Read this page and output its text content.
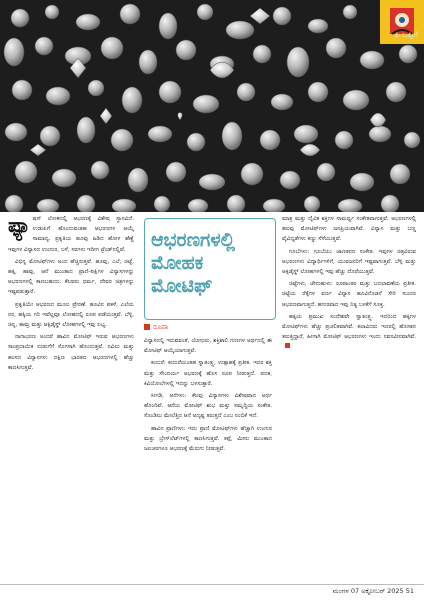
ಪಿ ಒಪ್ಪಿಗೆ

ಫ್ಯಾ ಷನ್ ಲೋಕದಲ್ಲಿ ಆಭರಣಕ್ಕೆ ವಿಶೇಷ ಸ್ಥಾನವಿದೆ. ಉಡುಪಿಗೆ ಹೊಂದುವಂತಹ ಆಭರಣಗಳ ಆಯ್ಕೆ ಸಾಮಾನ್ಯ. ಪ್ರಕೃತಿಯ ಹೂವು ಹಿಡಿದ ಹೋಳ ಹೆಣ್ಣೆ ಇವುಗಳ ವಿನ್ಯಾಸದ ಉಂಗುರ, ಬಳೆ, ಸರಗಳು ಇದೀಗ ಟ್ರೆಂಡ್‌ನಲ್ಲಿವೆ.

ವಿಭಿನ್ನ ಮೋಟಿಫ್‌ಗಳು ಅಂದ ಹೆಚ್ಚಿಸುತ್ತವೆ. ಹೂವು, ಎಲೆ, ಚಿಟ್ಟೆ, ಹಕ್ಕಿ, ಹಾವು, ಆನೆ ಮುಂತಾದ ಪ್ರಾಣಿ-ಪಕ್ಷಿಗಳ ವಿನ್ಯಾಸಗಳನ್ನು ಆಭರಣಗಳಲ್ಲಿ ಕಾಣಬಹುದು. ಕೆಲವರು ಧರ್ಮ, ದೇವರ ಚಿತ್ರಗಳನ್ನು ಇಷ್ಟಪಡುತ್ತಾರೆ.

ಪ್ರಕೃತಿಯೇ ಆಭರಣದ ಮೂಲ ಪ್ರೇರಣೆ. ಹೂವಿನ ಪಕಳೆ, ಎಲೆಯ ನರ, ಹಕ್ಕಿಯ ಗರಿ ಇವೆಲ್ಲವೂ ಲೋಹದಲ್ಲಿ ರೂಪ ಪಡೆಯುತ್ತವೆ. ಬೆಳ್ಳಿ, ಚಿನ್ನ, ತಾಮ್ರ ಮತ್ತು ಆಕ್ಸಿಡೈಸ್ಡ್ ಲೋಹಗಳಲ್ಲಿ ಇವು ಲಭ್ಯ.

ನಾಗಾಭರಣ ಅಂದರೆ ಹಾವಿನ ಮೋಟಿಫ್ ಇರುವ ಆಭರಣಗಳು ಸಾಂಪ್ರದಾಯಿಕ ಉಡುಗೆಗೆ ಸೊಗಸಾಗಿ ಹೊಂದುತ್ತವೆ. ನವಿಲು ಮತ್ತು ಹಂಸದ ವಿನ್ಯಾಸಗಳು ದಕ್ಷಿಣ ಭಾರತದ ಆಭರಣಗಳಲ್ಲಿ ಹೆಚ್ಚು ಕಾಣಸಿಗುತ್ತವೆ.

ಆಭರಣಗಳಲ್ಲಿ ಮೋಹಕ ಮೋಟಿಫ್
ರೂಪಾ

ವಿನ್ಯಾಸದಲ್ಲಿ ಇರುವವಂತೆ, ಯೋಧರು, ಶಕ್ತಿಶಾಲಿ ಗುಣಗಳ ಅರ್ಥದಲ್ಲಿ ಈ ಮೋಟಿಫ್ ಆಯ್ಕೆಯಾಗುತ್ತವೆ.

ಕುದುರೆ: ಕುದುರೆಯಂತಹ ಸ್ವಾತಂತ್ರ್ಯ, ಉತ್ಸಾಹಕ್ಕೆ ಪ್ರತೀಕ. ಇದರ ಶಕ್ತಿ ಮತ್ತು ಸೌಂದರ್ಯ ಆಭರಣಕ್ಕೆ ಹೊಸ ರೂಪ ನೀಡುತ್ತದೆ. ಪದಕ, ಕಿವಿಯೋಲೆಗಳಲ್ಲಿ ಇದನ್ನು ಬಳಸುತ್ತಾರೆ.

ಸೀಗಡಿ, ಆನೆಗಳು: ಕೆಲವು ವಿನ್ಯಾಸಗಳು ವಿಶೇಷವಾದ ಅರ್ಥ ಹೊಂದಿವೆ. ಆನೆಯ ಮೋಟಿಫ್ ಶುಭ ಮತ್ತು ಸಮೃದ್ಧಿಯ ಸಂಕೇತ. ಸೊಂಡಿಲು ಮೇಲೆತ್ತಿದ ಆನೆ ಅದೃಷ್ಟ ತರುತ್ತದೆ ಎಂಬ ನಂಬಿಕೆ ಇದೆ.

ಹಾವಿನ ಪ್ರಾಣಿಗಳು: ಇದು ಪ್ರಾಣಿ ಮೋಟಿಫ್‌ಗಳು ಹೆಚ್ಚಾಗಿ ಉಂಗುರ ಮತ್ತು ಬ್ರೇಸ್‌ಲೆಟ್‌ಗಳಲ್ಲಿ ಕಾಣಸಿಗುತ್ತವೆ. ಕಪ್ಪೆ, ಮೀನು ಮುಂತಾದ ಜಲಚರಗಳೂ ಆಭರಣಕ್ಕೆ ಮೆರುಗು ನೀಡುತ್ತವೆ.

ಮಾತ್ರ ಮತ್ತು ದೈವಿಕ ಶಕ್ತಿಗಳ ಸಾಮರ್ಥ್ಯ ಸಂಕೇತವಾಗುತ್ತವೆ. ಆಭರಣಗಳಲ್ಲಿ ಹಲವು ಮೋಟಿಫ್‌ಗಳು ಜನಪ್ರಿಯವಾಗಿವೆ. ವಿನ್ಯಾಸ ಮತ್ತು ಬಣ್ಣ ವೈವಿಧ್ಯತೆಗಳು ಕಣ್ಣು ಸೆಳೆಯುತ್ತವೆ.

ಗೂಬೆಗಳು: ಗೂಬೆಯು ಜಾಣತನದ ಸಂಕೇತ. ಇವುಗಳ ಚಿತ್ರವಿರುವ ಆಭರಣಗಳು ವಿದ್ಯಾರ್ಥಿಗಳಿಗೆ, ಯುವಜನರಿಗೆ ಇಷ್ಟವಾಗುತ್ತವೆ. ಬೆಳ್ಳಿ ಮತ್ತು ಆಕ್ಸಿಡೈಸ್ಡ್ ಲೋಹಗಳಲ್ಲಿ ಇವು ಹೆಚ್ಚು ದೊರೆಯುತ್ತವೆ.

ಚಿಟ್ಟೆಗಳು, ಜೇನುಹುಳು: ರೂಪಾಂತರ ಮತ್ತು ಬದಲಾವಣೆಯ ಪ್ರತೀಕ. ಚಿಟ್ಟೆಯ ರೆಕ್ಕೆಗಳ ವರ್ಣ ವಿನ್ಯಾಸ ಹೂವಿನೊಡನೆ ಸೇರಿ ಸುಂದರ ಆಭರಣವಾಗುತ್ತದೆ. ಹಗುರವಾದ ಇವು ನಿತ್ಯ ಬಳಕೆಗೆ ಸೂಕ್ತ.

ಹಕ್ಕಿಯ ಪ್ರಮುಖ ಸಂದೇಶವೇ ಸ್ವಾತಂತ್ರ್ಯ. ಇದರಿಂದ ಹಕ್ಕಿಗಳ ಮೋಟಿಫ್‌ಗಳು ಹೆಚ್ಚು ಪ್ರಚಲಿತವಾಗಿವೆ. ಕಲಾವಿದರು ಇದರಲ್ಲಿ ಹೊಸತನ ತರುತ್ತಿದ್ದಾರೆ, ಹೀಗಾಗಿ ಮೋಟಿಫ್ ಆಭರಣಗಳು ಇಂದು ನವನವೀನವಾಗಿವೆ.

ಮಂಗಳ 07 ಅಕ್ಟೋಬರ್ 2025 51
